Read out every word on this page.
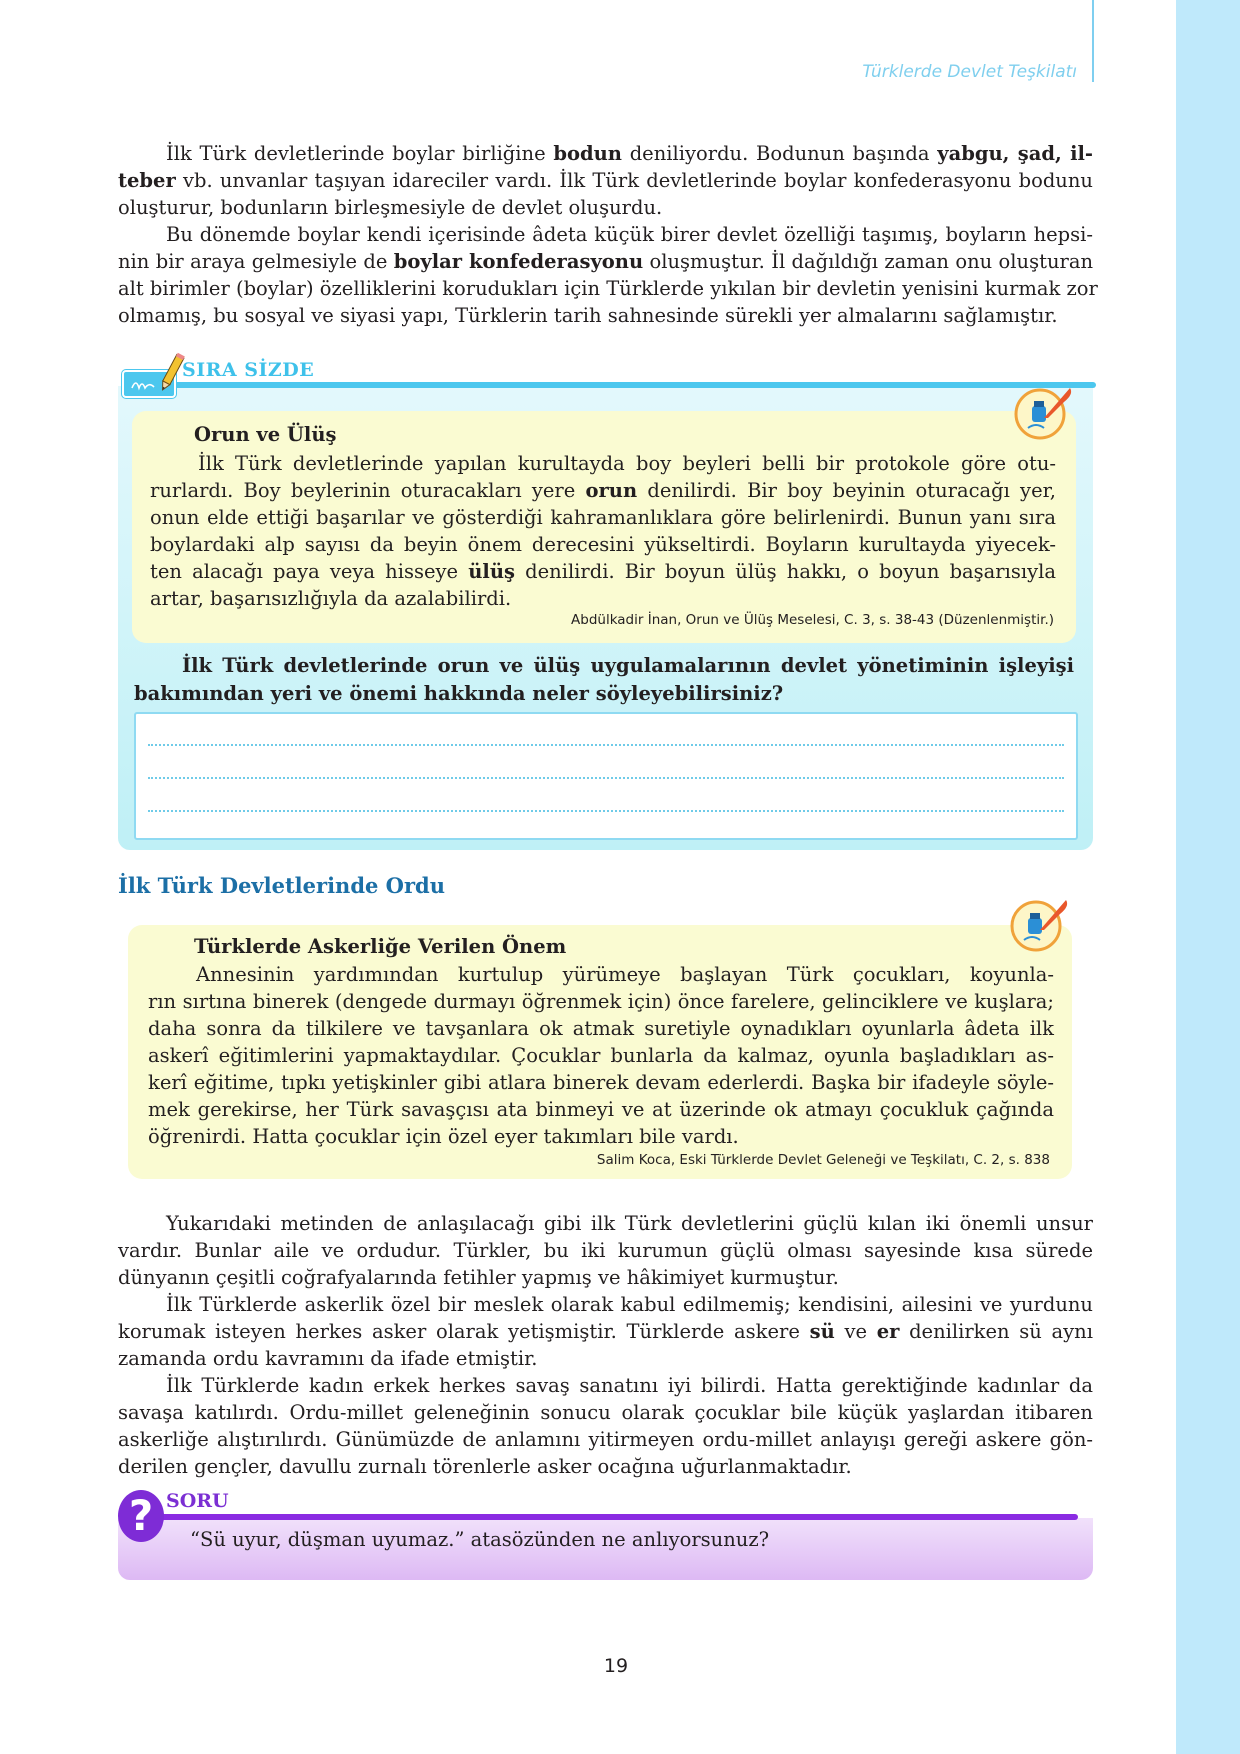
Türklerde Devlet Teşkilatı
İlk Türk devletlerinde boylar birliğine bodun deniliyordu. Bodunun başında yabgu, şad, il-
teber vb. unvanlar taşıyan idareciler vardı. İlk Türk devletlerinde boylar konfederasyonu bodunu
oluşturur, bodunların birleşmesiyle de devlet oluşurdu.
Bu dönemde boylar kendi içerisinde âdeta küçük birer devlet özelliği taşımış, boyların hepsi-
nin bir araya gelmesiyle de boylar konfederasyonu oluşmuştur. İl dağıldığı zaman onu oluşturan
alt birimler (boylar) özelliklerini korudukları için Türklerde yıkılan bir devletin yenisini kurmak zor
olmamış, bu sosyal ve siyasi yapı, Türklerin tarih sahnesinde sürekli yer almalarını sağlamıştır.
SIRA SİZDE
Orun ve Ülüş
İlk Türk devletlerinde yapılan kurultayda boy beyleri belli bir protokole göre otu-
rurlardı. Boy beylerinin oturacakları yere orun denilirdi. Bir boy beyinin oturacağı yer,
onun elde ettiği başarılar ve gösterdiği kahramanlıklara göre belirlenirdi. Bunun yanı sıra
boylardaki alp sayısı da beyin önem derecesini yükseltirdi. Boyların kurultayda yiyecek-
ten alacağı paya veya hisseye ülüş denilirdi. Bir boyun ülüş hakkı, o boyun başarısıyla
artar, başarısızlığıyla da azalabilirdi.
Abdülkadir İnan, Orun ve Ülüş Meselesi, C. 3, s. 38-43 (Düzenlenmiştir.)
İlk Türk devletlerinde orun ve ülüş uygulamalarının devlet yönetiminin işleyişi
bakımından yeri ve önemi hakkında neler söyleyebilirsiniz?
İlk Türk Devletlerinde Ordu
Türklerde Askerliğe Verilen Önem
Annesinin yardımından kurtulup yürümeye başlayan Türk çocukları, koyunla-
rın sırtına binerek (dengede durmayı öğrenmek için) önce farelere, gelinciklere ve kuşlara;
daha sonra da tilkilere ve tavşanlara ok atmak suretiyle oynadıkları oyunlarla âdeta ilk
askerî eğitimlerini yapmaktaydılar. Çocuklar bunlarla da kalmaz, oyunla başladıkları as-
kerî eğitime, tıpkı yetişkinler gibi atlara binerek devam ederlerdi. Başka bir ifadeyle söyle-
mek gerekirse, her Türk savaşçısı ata binmeyi ve at üzerinde ok atmayı çocukluk çağında
öğrenirdi. Hatta çocuklar için özel eyer takımları bile vardı.
Salim Koca, Eski Türklerde Devlet Geleneği ve Teşkilatı, C. 2, s. 838
Yukarıdaki metinden de anlaşılacağı gibi ilk Türk devletlerini güçlü kılan iki önemli unsur
vardır. Bunlar aile ve ordudur. Türkler, bu iki kurumun güçlü olması sayesinde kısa sürede
dünyanın çeşitli coğrafyalarında fetihler yapmış ve hâkimiyet kurmuştur.
İlk Türklerde askerlik özel bir meslek olarak kabul edilmemiş; kendisini, ailesini ve yurdunu
korumak isteyen herkes asker olarak yetişmiştir. Türklerde askere sü ve er denilirken sü aynı
zamanda ordu kavramını da ifade etmiştir.
İlk Türklerde kadın erkek herkes savaş sanatını iyi bilirdi. Hatta gerektiğinde kadınlar da
savaşa katılırdı. Ordu-millet geleneğinin sonucu olarak çocuklar bile küçük yaşlardan itibaren
askerliğe alıştırılırdı. Günümüzde de anlamını yitirmeyen ordu-millet anlayışı gereği askere gön-
derilen gençler, davullu zurnalı törenlerle asker ocağına uğurlanmaktadır.
? SORU
“Sü uyur, düşman uyumaz.” atasözünden ne anlıyorsunuz?
19
